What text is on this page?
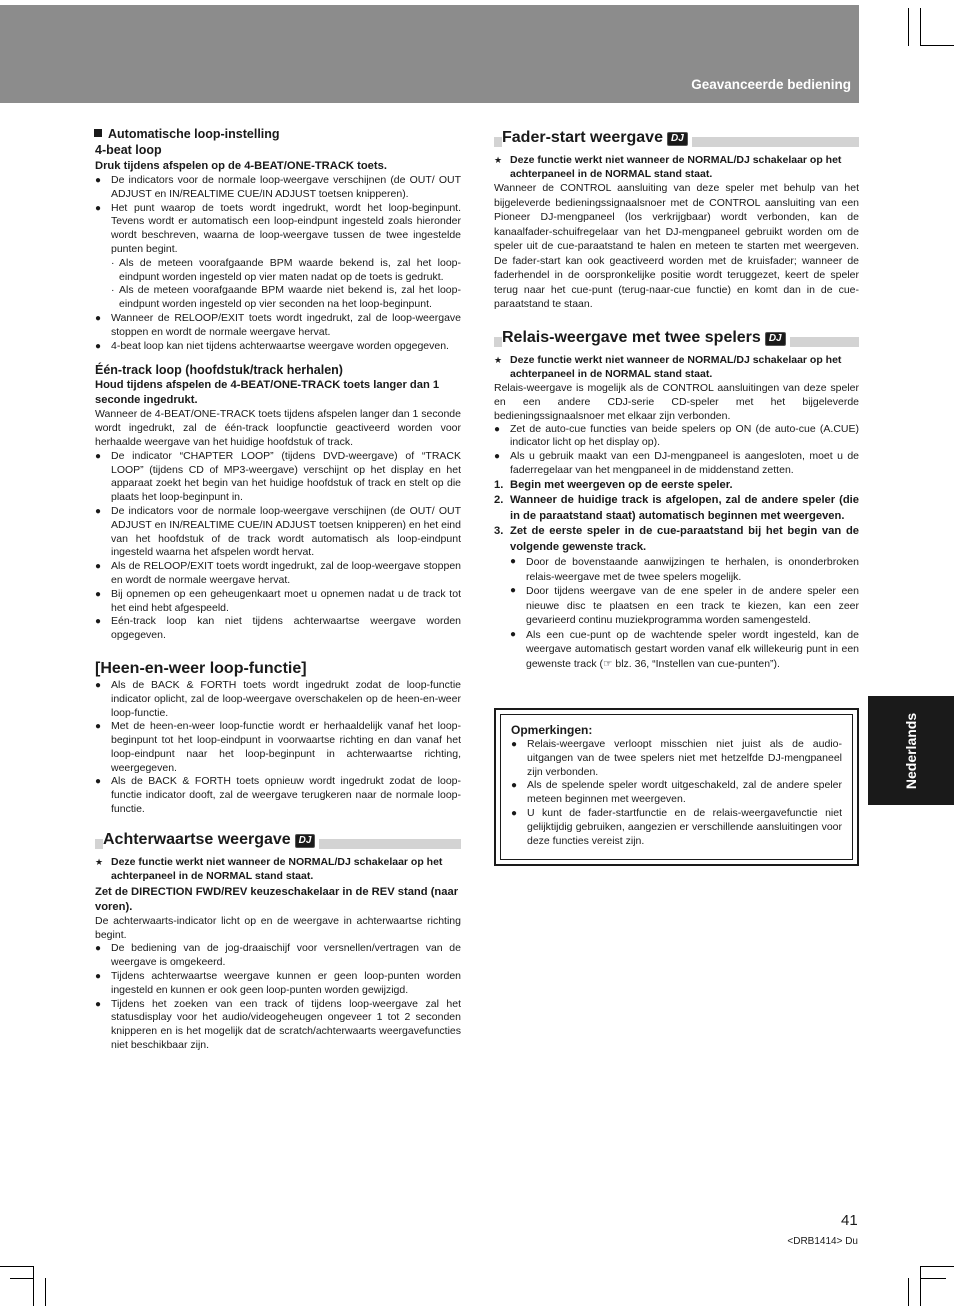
Geavanceerde bediening

Automatische loop-instelling

4-beat loop

Druk tijdens afspelen op de 4-BEAT/ONE-TRACK toets.

● De indicators voor de normale loop-weergave verschijnen (de OUT/ OUT ADJUST en IN/REALTIME CUE/IN ADJUST toetsen knipperen).
● Het punt waarop de toets wordt ingedrukt, wordt het loop-beginpunt. Tevens wordt er automatisch een loop-eindpunt ingesteld zoals hieronder wordt beschreven, waarna de loop-weergave tussen de twee ingestelde punten begint.

· Als de meteen voorafgaande BPM waarde bekend is, zal het loop-eindpunt worden ingesteld op vier maten nadat op de toets is gedrukt.

· Als de meteen voorafgaande BPM waarde niet bekend is, zal het loop-eindpunt worden ingesteld op vier seconden na het loop-beginpunt.

● Wanneer de RELOOP/EXIT toets wordt ingedrukt, zal de loop-weergave stoppen en wordt de normale weergave hervat.
● 4-beat loop kan niet tijdens achterwaartse weergave worden opgegeven.

Één-track loop (hoofdstuk/track herhalen)

Houd tijdens afspelen de 4-BEAT/ONE-TRACK toets langer dan 1 seconde ingedrukt.

Wanneer de 4-BEAT/ONE-TRACK toets tijdens afspelen langer dan 1 seconde wordt ingedrukt, zal de één-track loopfunctie geactiveerd worden voor herhaalde weergave van het huidige hoofdstuk of track.

● De indicator “CHAPTER LOOP” (tijdens DVD-weergave) of “TRACK LOOP” (tijdens CD of MP3-weergave) verschijnt op het display en het apparaat zoekt het begin van het huidige hoofdstuk of track en stelt op die plaats het loop-beginpunt in.
● De indicators voor de normale loop-weergave verschijnen (de OUT/ OUT ADJUST en IN/REALTIME CUE/IN ADJUST toetsen knipperen) en het eind van het hoofdstuk of de track wordt automatisch als loop-eindpunt ingesteld waarna het afspelen wordt hervat.
● Als de RELOOP/EXIT toets wordt ingedrukt, zal de loop-weergave stoppen en wordt de normale weergave hervat.
● Bij opnemen op een geheugenkaart moet u opnemen nadat u de track tot het eind hebt afgespeeld.
● Eén-track loop kan niet tijdens achterwaartse weergave worden opgegeven.

[Heen-en-weer loop-functie]

● Als de BACK & FORTH toets wordt ingedrukt zodat de loop-functie indicator oplicht, zal de loop-weergave overschakelen op de heen-en-weer loop-functie.
● Met de heen-en-weer loop-functie wordt er herhaaldelijk vanaf het loop-beginpunt tot het loop-eindpunt in voorwaartse richting en dan vanaf het loop-eindpunt naar het loop-beginpunt in achterwaartse richting, weergegeven.
● Als de BACK & FORTH toets opnieuw wordt ingedrukt zodat de loop-functie indicator dooft, zal de weergave terugkeren naar de normale loop-functie.
Achterwaartse weergave DJ

★ Deze functie werkt niet wanneer de NORMAL/DJ schakelaar op het achterpaneel in de NORMAL stand staat.

Zet de DIRECTION FWD/REV keuzeschakelaar in de REV stand (naar voren).

De achterwaarts-indicator licht op en de weergave in achterwaartse richting begint.

● De bediening van de jog-draaischijf voor versnellen/vertragen van de weergave is omgekeerd.
● Tijdens achterwaartse weergave kunnen er geen loop-punten worden ingesteld en kunnen er ook geen loop-punten worden gewijzigd.
● Tijdens het zoeken van een track of tijdens loop-weergave zal het statusdisplay voor het audio/videogeheugen ongeveer 1 tot 2 seconden knipperen en is het mogelijk dat de scratch/achterwaarts weergavefuncties niet beschikbaar zijn.
Fader-start weergave DJ

★ Deze functie werkt niet wanneer de NORMAL/DJ schakelaar op het achterpaneel in de NORMAL stand staat.

Wanneer de CONTROL aansluiting van deze speler met behulp van het bijgeleverde bedieningssignaalsnoer met de CONTROL aansluiting van een Pioneer DJ-mengpaneel (los verkrijgbaar) wordt verbonden, kan de kanaalfader-schuifregelaar van het DJ-mengpaneel gebruikt worden om de speler uit de cue-paraatstand te halen en meteen te starten met weergeven. De fader-start kan ook geactiveerd worden met de kruisfader; wanneer de faderhendel in de oorspronkelijke positie wordt teruggezet, keert de speler terug naar het cue-punt (terug-naar-cue functie) en komt dan in de cue-paraatstand te staan.

Relais-weergave met twee spelers DJ

★ Deze functie werkt niet wanneer de NORMAL/DJ schakelaar op het achterpaneel in de NORMAL stand staat.

Relais-weergave is mogelijk als de CONTROL aansluitingen van deze speler en een andere CDJ-serie CD-speler met het bijgeleverde bedieningssignaalsnoer met elkaar zijn verbonden.

● Zet de auto-cue functies van beide spelers op ON (de auto-cue (A.CUE) indicator licht op het display op).
● Als u gebruik maakt van een DJ-mengpaneel is aangesloten, moet u de faderregelaar van het mengpaneel in de middenstand zetten.
1. Begin met weergeven op de eerste speler.
2. Wanneer de huidige track is afgelopen, zal de andere speler (die in de paraatstand staat) automatisch beginnen met weergeven.
3. Zet de eerste speler in de cue-paraatstand bij het begin van de volgende gewenste track.
● Door de bovenstaande aanwijzingen te herhalen, is ononderbroken relais-weergave met de twee spelers mogelijk.
● Door tijdens weergave van de ene speler in de andere speler een nieuwe disc te plaatsen en een track te kiezen, kan een zeer gevarieerd continu muziekprogramma worden samengesteld.
● Als een cue-punt op de wachtende speler wordt ingesteld, kan de weergave automatisch gestart worden vanaf elk willekeurig punt in een gewenste track (☞ blz. 36, “Instellen van cue-punten”).

Opmerkingen:

● Relais-weergave verloopt misschien niet juist als de audio-uitgangen van de twee spelers niet met hetzelfde DJ-mengpaneel zijn verbonden.
● Als de spelende speler wordt uitgeschakeld, zal de andere speler meteen beginnen met weergeven.
● U kunt de fader-startfunctie en de relais-weergavefunctie niet gelijktijdig gebruiken, aangezien er verschillende aansluitingen voor deze functies vereist zijn.
Nederlands
41
<DRB1414> Du
